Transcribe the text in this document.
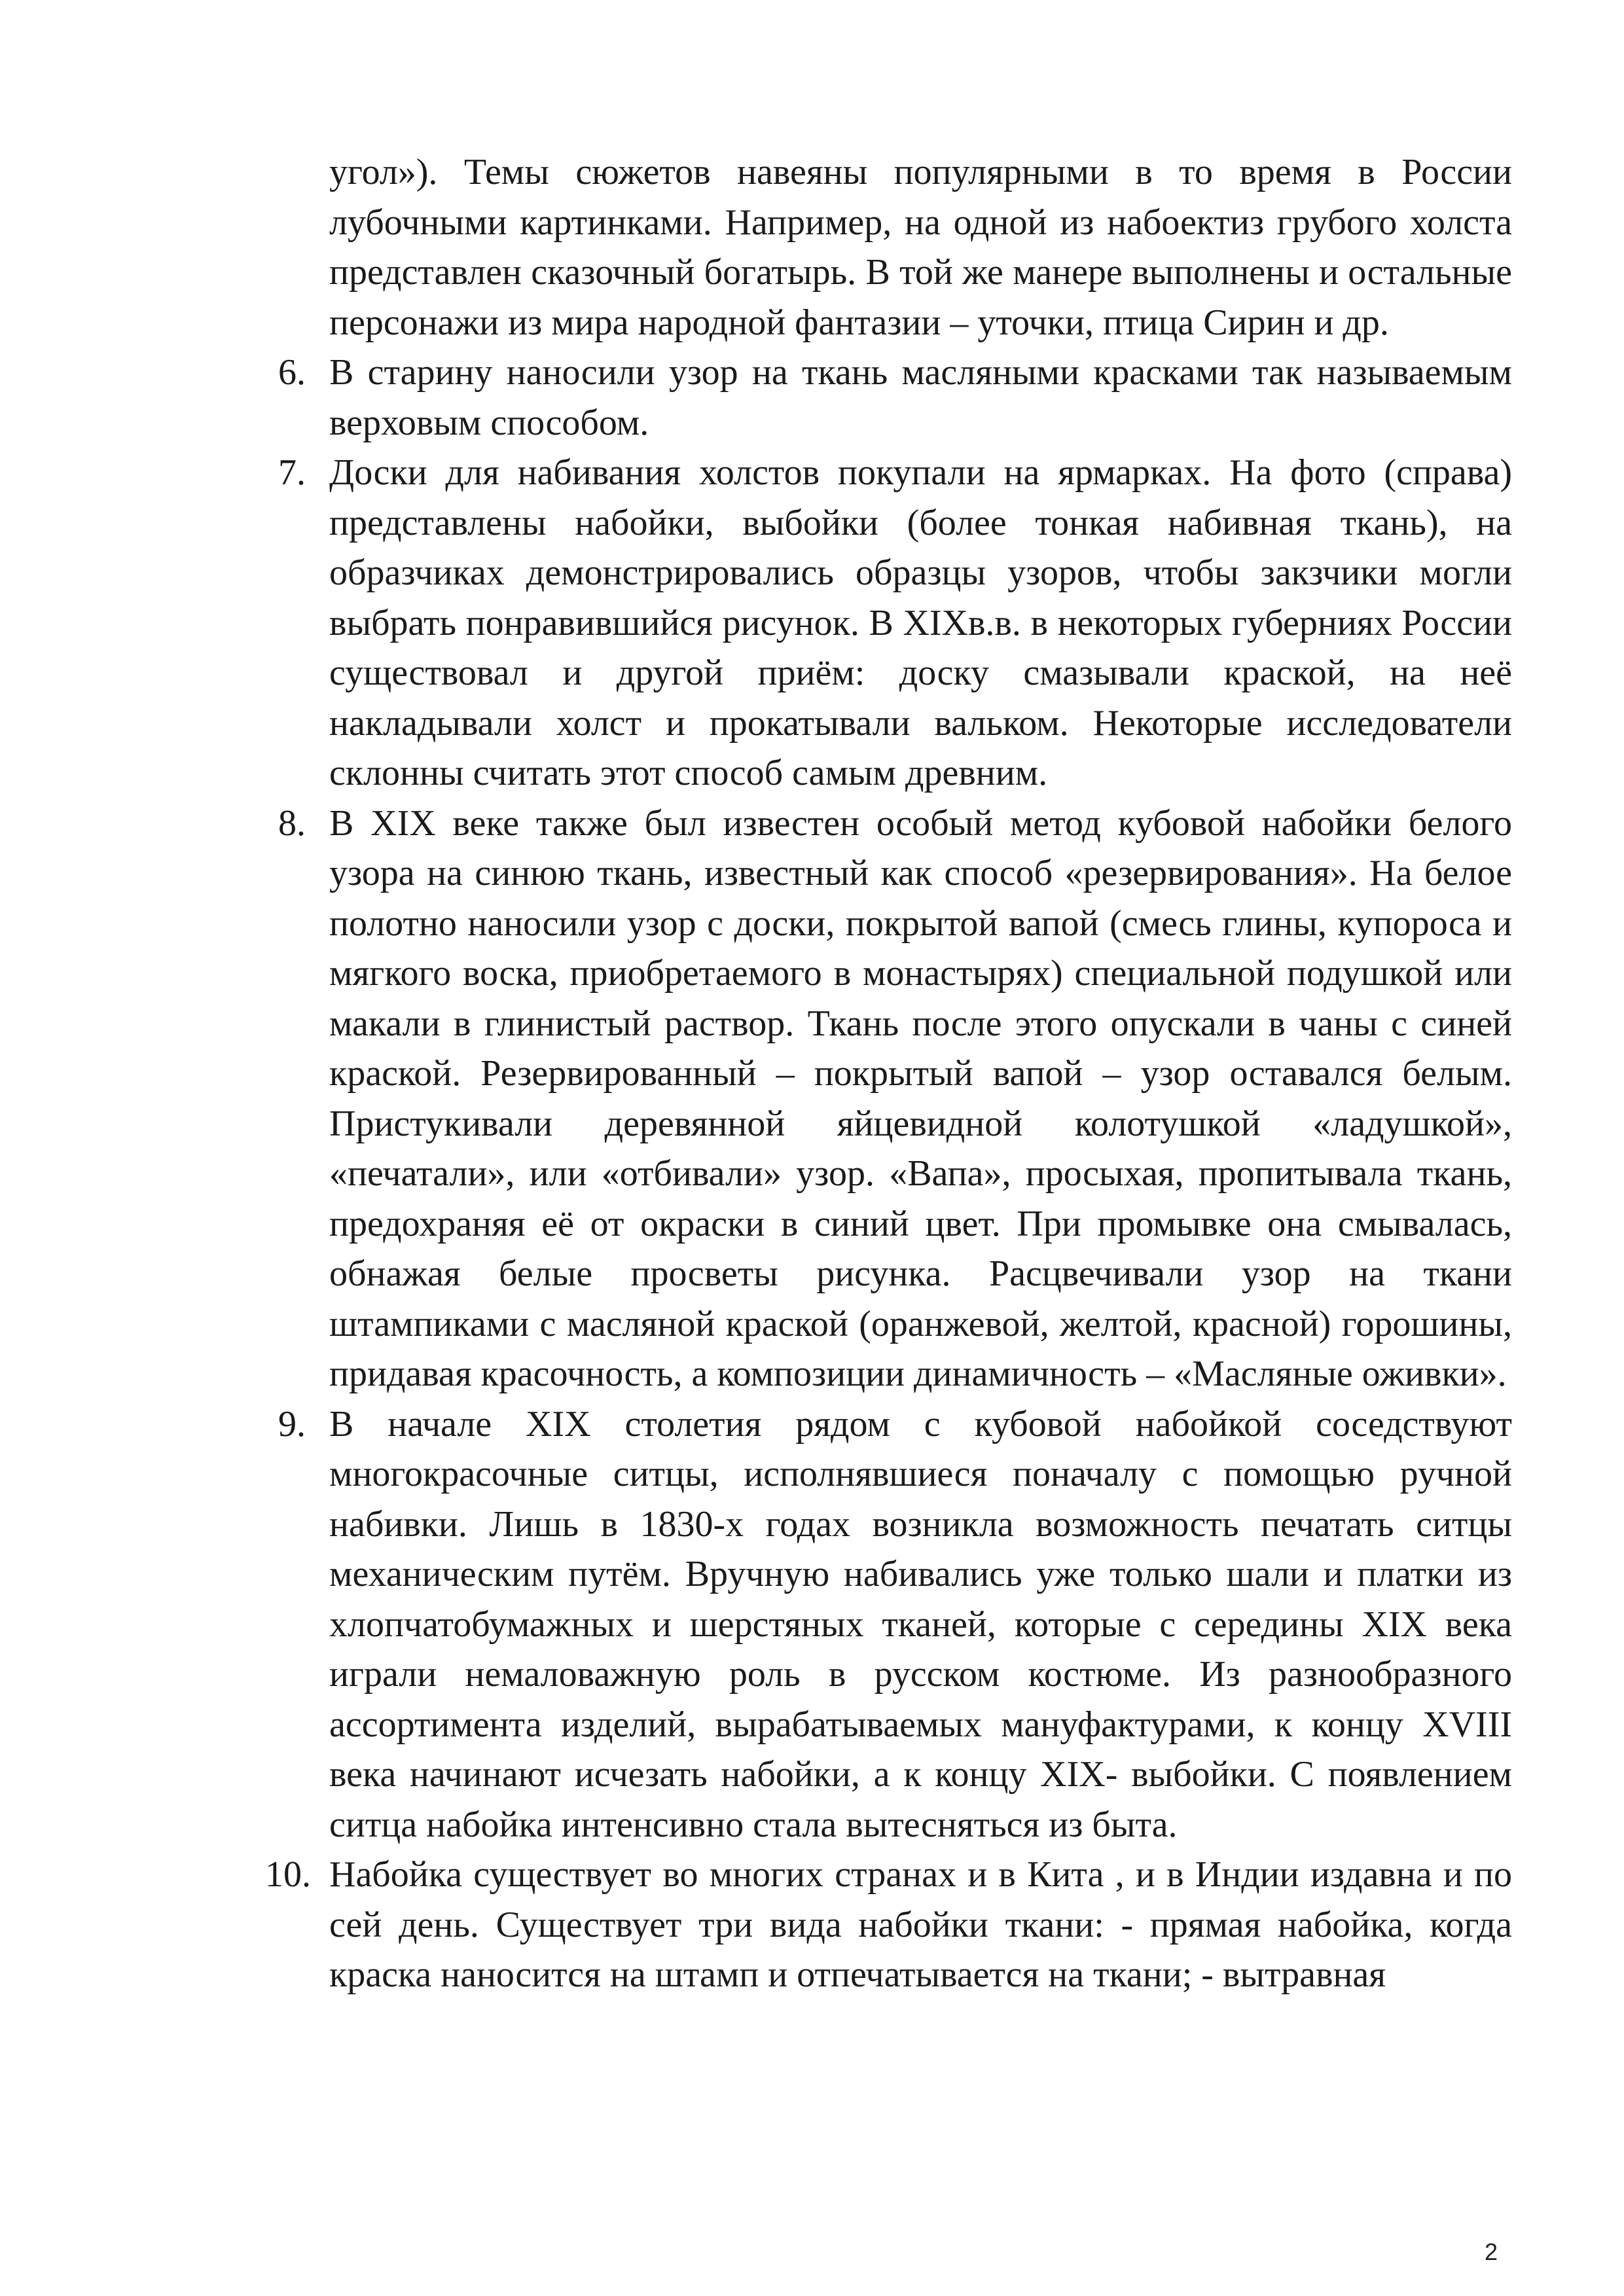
угол»). Темы сюжетов навеяны популярными в то время в России лубочными картинками. Например, на одной из набоектиз грубого холста представлен сказочный богатырь. В той же манере выполнены и остальные персонажи из мира народной фантазии – уточки, птица Сирин и др.
6. В старину наносили узор на ткань масляными красками так называемым верховым способом.
7. Доски для набивания холстов покупали на ярмарках. На фото (справа) представлены набойки, выбойки (более тонкая набивная ткань), на образчиках демонстрировались образцы узоров, чтобы закзчики могли выбрать понравившийся рисунок. В XIXв.в. в некоторых губерниях России существовал и другой приём: доску смазывали краской, на неё накладывали холст и прокатывали вальком. Некоторые исследователи склонны считать этот способ самым древним.
8. В XIX веке также был известен особый метод кубовой набойки белого узора на синюю ткань, известный как способ «резервирования». На белое полотно наносили узор с доски, покрытой вапой (смесь глины, купороса и мягкого воска, приобретаемого в монастырях) специальной подушкой или макали в глинистый раствор. Ткань после этого опускали в чаны с синей краской. Резервированный – покрытый вапой – узор оставался белым. Пристукивали деревянной яйцевидной колотушкой «ладушкой», «печатали», или «отбивали» узор. «Вапа», просыхая, пропитывала ткань, предохраняя её от окраски в синий цвет. При промывке она смывалась, обнажая белые просветы рисунка. Расцвечивали узор на ткани штампиками с масляной краской (оранжевой, желтой, красной) горошины, придавая красочность, а композиции динамичность – «Масляные оживки».
9. В начале XIX столетия рядом с кубовой набойкой соседствуют многокрасочные ситцы, исполнявшиеся поначалу с помощью ручной набивки. Лишь в 1830-х годах возникла возможность печатать ситцы механическим путём. Вручную набивались уже только шали и платки из хлопчатобумажных и шерстяных тканей, которые с середины XIX века играли немаловажную роль в русском костюме. Из разнообразного ассортимента изделий, вырабатываемых мануфактурами, к концу XVIII века начинают исчезать набойки, а к концу XIX- выбойки. С появлением ситца набойка интенсивно стала вытесняться из быта.
10. Набойка существует во многих странах и в Кита , и в Индии издавна и по сей день. Существует три вида набойки ткани: - прямая набойка, когда краска наносится на штамп и отпечатывается на ткани; - вытравная
2
